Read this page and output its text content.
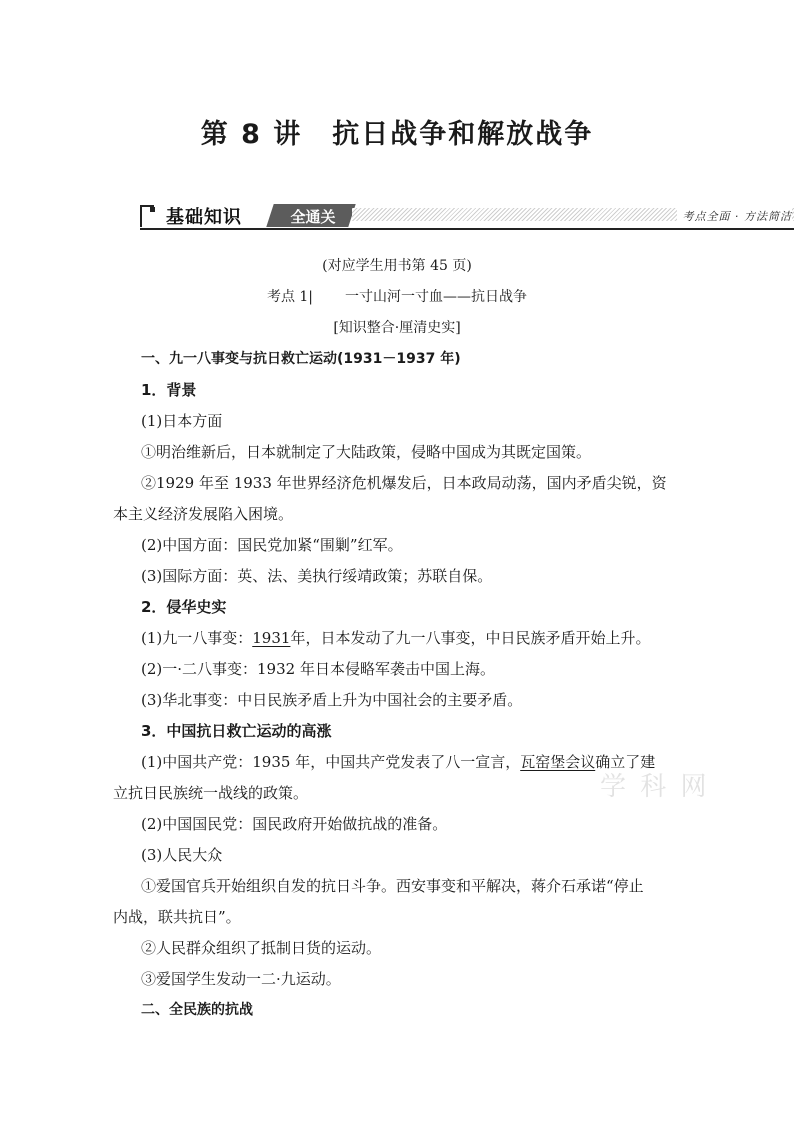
第 8 讲 抗日战争和解放战争
基础知识	全通关	考点全面 · 方法简洁
(对应学生用书第 45 页)
考点 1| 一寸山河一寸血——抗日战争
[知识整合·厘清史实]
一、九一八事变与抗日救亡运动(1931－1937 年)
1．背景
(1)日本方面
①明治维新后，日本就制定了大陆政策，侵略中国成为其既定国策。
②1929 年至 1933 年世界经济危机爆发后，日本政局动荡，国内矛盾尖锐，资
本主义经济发展陷入困境。
(2)中国方面：国民党加紧“围剿”红军。
(3)国际方面：英、法、美执行绥靖政策；苏联自保。
2．侵华史实
(1)九一八事变：1931年，日本发动了九一八事变，中日民族矛盾开始上升。
(2)一·二八事变：1932 年日本侵略军袭击中国上海。
(3)华北事变：中日民族矛盾上升为中国社会的主要矛盾。
3．中国抗日救亡运动的高涨
(1)中国共产党：1935 年，中国共产党发表了八一宣言，瓦窑堡会议确立了建
立抗日民族统一战线的政策。
(2)中国国民党：国民政府开始做抗战的准备。
(3)人民大众
①爱国官兵开始组织自发的抗日斗争。西安事变和平解决，蒋介石承诺“停止
内战，联共抗日”。
②人民群众组织了抵制日货的运动。
③爱国学生发动一二·九运动。
二、全民族的抗战
学 科 网
